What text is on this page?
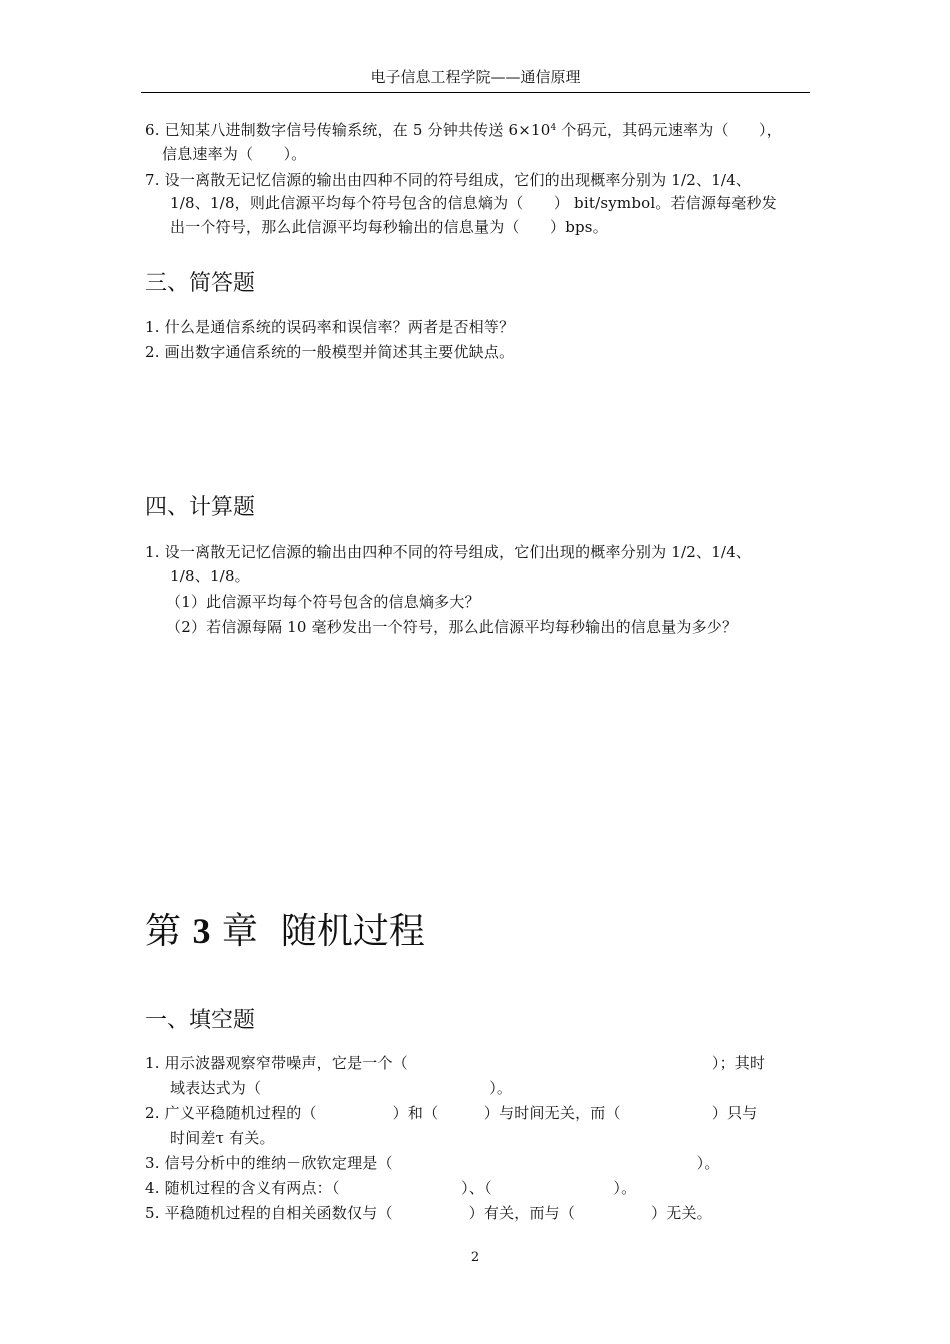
电子信息工程学院——通信原理
6. 已知某八进制数字信号传输系统，在 5 分钟共传送 $6\times 10^4$ 个码元，其码元速率为（　　），
信息速率为（　　）。
7. 设一离散无记忆信源的输出由四种不同的符号组成，它们的出现概率分别为 1/2、1/4、
1/8、1/8，则此信源平均每个符号包含的信息熵为（　　） bit/symbol。若信源每毫秒发
出一个符号，那么此信源平均每秒输出的信息量为（　　）bps。
三、简答题
1. 什么是通信系统的误码率和误信率？两者是否相等？
2. 画出数字通信系统的一般模型并简述其主要优缺点。
四、计算题
1. 设一离散无记忆信源的输出由四种不同的符号组成，它们出现的概率分别为 1/2、1/4、
1/8、1/8。
（1）此信源平均每个符号包含的信息熵多大？
（2）若信源每隔 10 毫秒发出一个符号，那么此信源平均每秒输出的信息量为多少？
第 3 章 随机过程
一、填空题
1. 用示波器观察窄带噪声，它是一个（　　　　　　　　　　　　　　　　　　　　）；其时
域表达式为（　　　　　　　　　　　　　　　）。
2. 广义平稳随机过程的（　　　　　）和（　　　）与时间无关，而（　　　　　　）只与
时间差τ 有关。
3. 信号分析中的维纳－欣钦定理是（　　　　　　　　　　　　　　　　　　　　）。
4. 随机过程的含义有两点：（　　　　　　　　）、（　　　　　　　　）。
5. 平稳随机过程的自相关函数仅与（　　　　　）有关，而与（　　　　　）无关。
2
